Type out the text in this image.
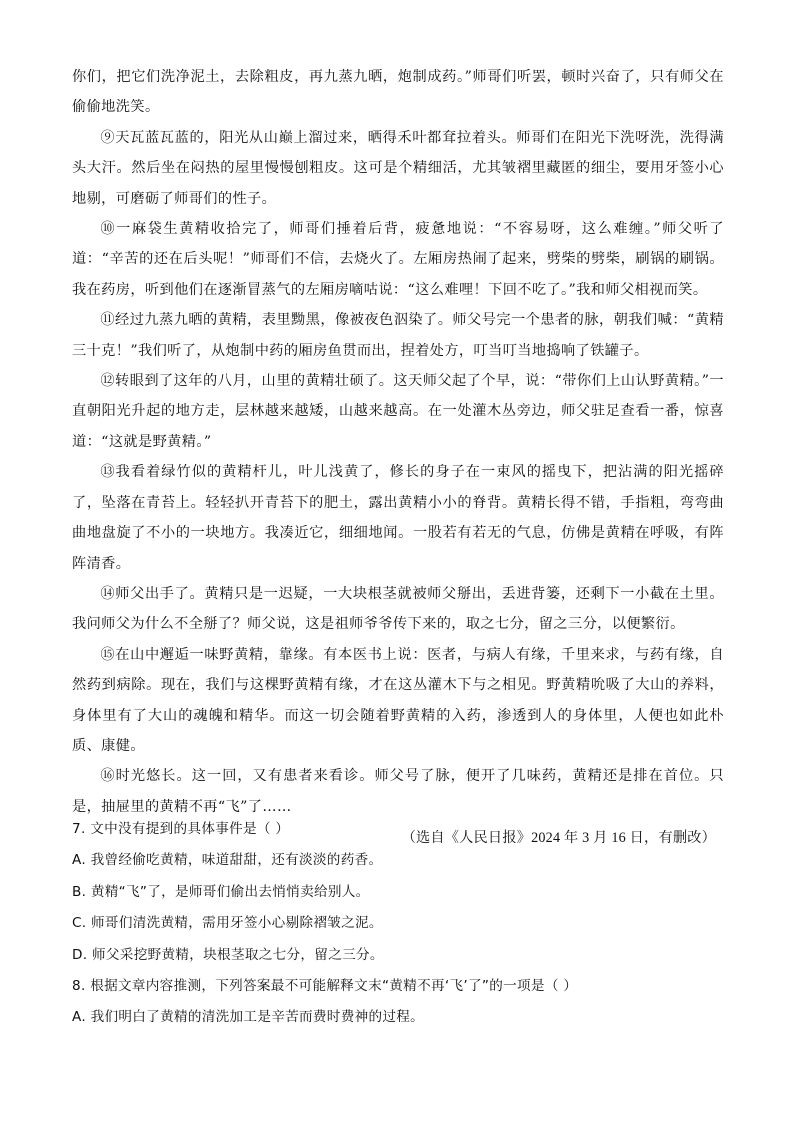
你们，把它们洗净泥土，去除粗皮，再九蒸九晒，炮制成药。”师哥们听罢，顿时兴奋了，只有师父在偷偷地洗笑。

⑨天瓦蓝瓦蓝的，阳光从山巅上溜过来，晒得禾叶都耷拉着头。师哥们在阳光下洗呀洗，洗得满头大汗。然后坐在闷热的屋里慢慢刨粗皮。这可是个精细活，尤其皱褶里藏匿的细尘，要用牙签小心地剔，可磨砺了师哥们的性子。

⑩一麻袋生黄精收拾完了，师哥们捶着后背，疲惫地说：“不容易呀，这么难缠。”师父听了道：“辛苦的还在后头呢！”师哥们不信，去烧火了。左厢房热闹了起来，劈柴的劈柴，刷锅的刷锅。我在药房，听到他们在逐渐冒蒸气的左厢房嘀咕说：“这么难哩！下回不吃了。”我和师父相视而笑。

⑪经过九蒸九晒的黄精，表里黝黑，像被夜色泅染了。师父号完一个患者的脉，朝我们喊：“黄精三十克！”我们听了，从炮制中药的厢房鱼贯而出，捏着处方，叮当叮当地捣响了铁罐子。

⑫转眼到了这年的八月，山里的黄精壮硕了。这天师父起了个早，说：“带你们上山认野黄精。”一直朝阳光升起的地方走，层林越来越矮，山越来越高。在一处灌木丛旁边，师父驻足查看一番，惊喜道：“这就是野黄精。”

⑬我看着绿竹似的黄精杆儿，叶儿浅黄了，修长的身子在一束风的摇曳下，把沾满的阳光摇碎了，坠落在青苔上。轻轻扒开青苔下的肥土，露出黄精小小的脊背。黄精长得不错，手指粗，弯弯曲曲地盘旋了不小的一块地方。我凑近它，细细地闻。一股若有若无的气息，仿佛是黄精在呼吸，有阵阵清香。

⑭师父出手了。黄精只是一迟疑，一大块根茎就被师父掰出，丢进背篓，还剩下一小截在土里。我问师父为什么不全掰了？师父说，这是祖师爷爷传下来的，取之七分，留之三分，以便繁衍。

⑮在山中邂逅一味野黄精，靠缘。有本医书上说：医者，与病人有缘，千里来求，与药有缘，自然药到病除。现在，我们与这棵野黄精有缘，才在这丛灌木下与之相见。野黄精吮吸了大山的养料，身体里有了大山的魂魄和精华。而这一切会随着野黄精的入药，渗透到人的身体里，人便也如此朴质、康健。

⑯时光悠长。这一回，又有患者来看诊。师父号了脉，便开了几味药，黄精还是排在首位。只是，抽屉里的黄精不再“飞”了……

（选自《人民日报》2024 年 3 月 16 日，有删改）

7. 文中没有提到的具体事件是（ ）

A. 我曾经偷吃黄精，味道甜甜，还有淡淡的药香。

B. 黄精“飞”了，是师哥们偷出去悄悄卖给别人。

C. 师哥们清洗黄精，需用牙签小心剔除褶皱之泥。

D. 师父采挖野黄精，块根茎取之七分，留之三分。

8. 根据文章内容推测，下列答案最不可能解释文末“黄精不再‘飞’了”的一项是（ ）

A. 我们明白了黄精的清洗加工是辛苦而费时费神的过程。
